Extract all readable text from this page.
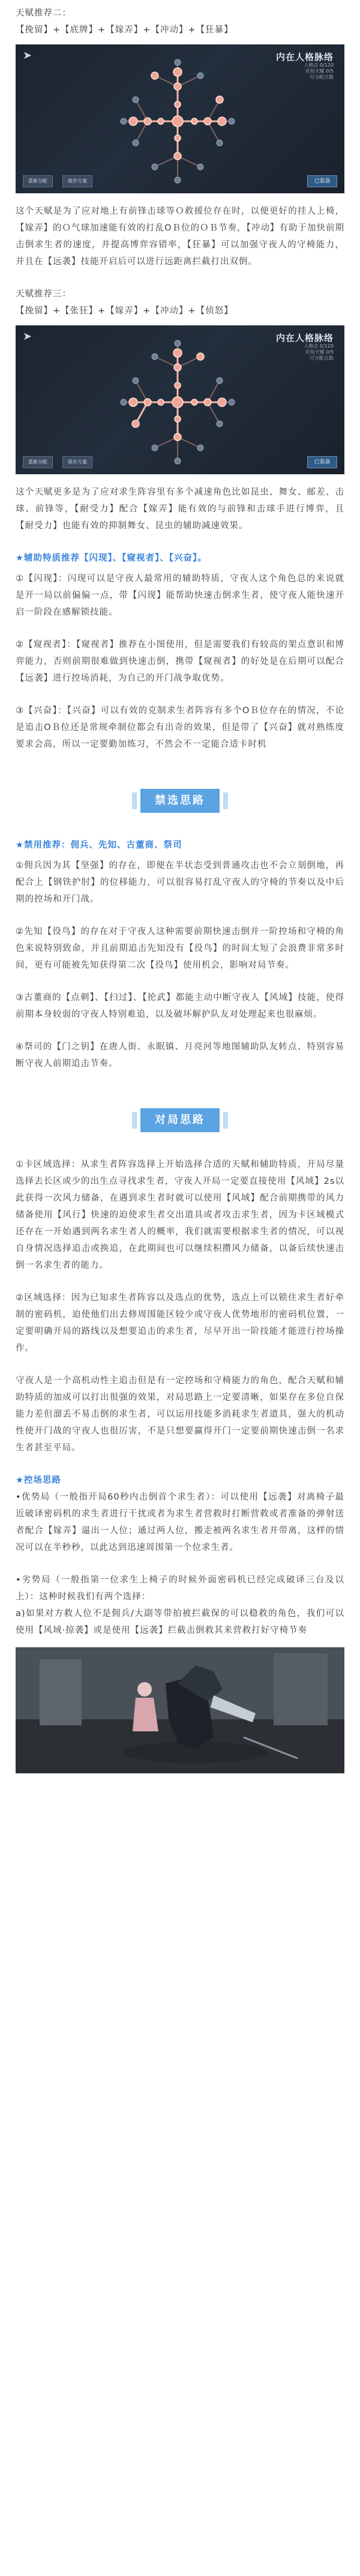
天赋推荐二：

【挽留】+【底牌】+【嫁弄】+【冲动】+【狂暴】

➤	内在人格脉络
人格点 0/120
对局天赋 0/5
可分配点数
重新分配	保存方案	已装备

这个天赋是为了应对地上有前锋击球等Ｏ救援位存在时，以便更好的挂人上椅，【嫁弄】的Ｏ气球加速能有效的打乱OＢ位的ＯＢ节奏，【冲动】有助于加快前期击倒求生者的速度，并提高博弈容错率，【狂暴】可以加强守夜人的守椅能力，并且在【远袭】技能开启后可以进行远距离拦截打出双倒。

天赋推荐三：

【挽留】+【张狂】+【嫁弄】+【冲动】+【侦怒】

➤	内在人格脉络
人格点 0/120
对局天赋 0/5
可分配点数
重新分配	保存方案	已装备

这个天赋更多是为了应对求生阵容里有多个减速角色比如昆虫、舞女、邮差、击球、前锋等，【耐受力】配合【嫁弄】能有效的与前锋和击球手进行博弈，且【耐受力】也能有效的抑制舞女、昆虫的辅助减速效果。

★辅助特质推荐【闪现】、【窥视者】、【兴奋】。

①【闪现】：闪现可以是守夜人最常用的辅助特质，守夜人这个角色总的来说就是开一局以前偏偏一点，带【闪现】能帮助快速击倒求生者，使守夜人能快速开启一阶段在感解锁技能。

②【窥视者】：【窥视者】推荐在小图使用，但是需要我们有较高的架点意识和博弈能力，否则前期很难做到快速击倒，携带【窥视者】的好处是在后期可以配合【远袭】进行控场消耗，为自己的开门战争取优势。

③【兴奋】：【兴奋】可以有效的克制求生者阵容有多个OＢ位存在的情况，不论是追击OＢ位还是常规牵制位都会有出奇的效果，但是带了【兴奋】就对熟练度要求会高，所以一定要勤加练习，不然会不一定能合适卡时机

禁选思路

★禁用推荐：佣兵、先知、古董商、祭司

①佣兵因为其【坚强】的存在，即便在半状态受到普通攻击也不会立刻倒地，再配合上【钢铁护肘】的位移能力，可以很容易打乱守夜人的守椅的节奏以及中后期的控场和开门战。

②先知【役鸟】的存在对于守夜人这种需要前期快速击倒并一阶控场和守椅的角色来说特别致命，并且前期追击先知没有【役鸟】的时间太短了会浪费非常多时间，更有可能被先知获得第二次【役鸟】使用机会，影响对局节奏。

③古董商的【点刺】、【扫过】、【抡武】都能主动中断守夜人【风域】技能，使得前期本身较弱的守夜人特别难追，以及破坏解护队友对处理起来也很麻烦。

④祭司的【门之钥】在唐人街、永眠镇、月亮河等地图辅助队友转点、特别容易断守夜人前期追击节奏。

对局思路

①卡区域选择：从求生者阵容选择上开始选择合适的天赋和辅助特质，开局尽量选择去长区或少的出生点寻找求生者，守夜人开局一定要直接使用【风域】2s以此获得一次风力储备，在遇到求生者时就可以使用【风域】配合前期携带的风力储备使用【风行】快速的迫使求生者交出道具或者攻击求生者，因为卡区域模式还存在一开始遇到两名求生者人的概率，我们就需要根据求生者的情况，可以视自身情况选择追击或换追，在此期间也可以继续积攒风力储备，以备后续快速击倒一名求生者的能力。

②区域选择：因为已知求生者阵容以及选点的优势，选点上可以锁住求生者好牵制的密码机，迫使他们出去修周围能区较少或守夜人优势地形的密码机位置，一定要明确开局的路线以及想要追击的求生者，尽早开出一阶技能才能进行控场操作。

守夜人是一个高机动性主追击但是有一定控场和守椅能力的角色，配合天赋和辅助特质的加成可以打出很强的效果，对局思路上一定要清晰，如果存在多位自保能力差但溜丢不易击倒的求生者，可以运用技能多消耗求生者道具，强大的机动性使开门战的守夜人也很厉害，不是只想要赢得开门一定要前期快速击倒一名求生者甚至平局。

★控场思路

•优势局（一般指开局60秒内击倒首个求生者）：可以使用【远袭】对离椅子最近破译密码机的求生者进行干扰或者为求生者营救时打断营救或者准备的弹射送者配合【嫁弄】逼出一人位；通过两人位，搬走被两名求生者并带离，这样的情况可以在半秒秒，以此达到迅速周围第一个位求生者。

•劣势局（一般指第一位求生上椅子的时候外面密码机已经完成破译三台及以上）：这种时候我们有两个选择：

a)如果对方救人位不是佣兵/大副等带拍被拦截保的可以稳救的角色，我们可以使用【风域·掠袭】或是使用【远袭】拦截击倒救其来营救打好守椅节奏
